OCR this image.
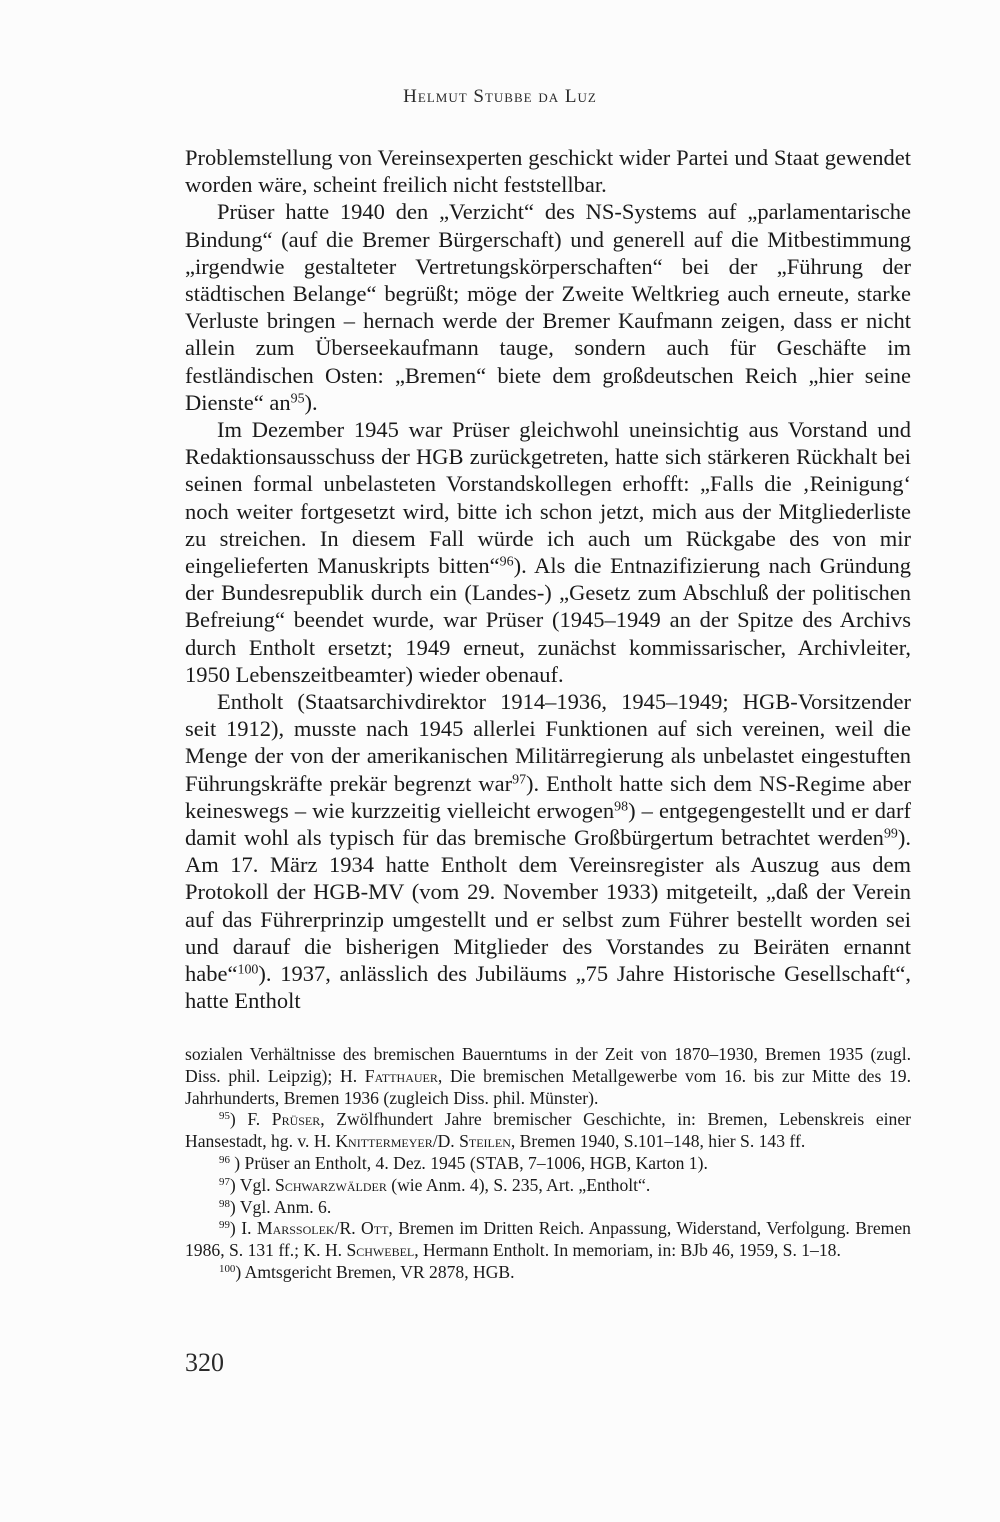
Helmut Stubbe da Luz

Problemstellung von Vereinsexperten geschickt wider Partei und Staat gewendet worden wäre, scheint freilich nicht feststellbar.

Prüser hatte 1940 den „Verzicht“ des NS-Systems auf „parlamentarische Bindung“ (auf die Bremer Bürgerschaft) und generell auf die Mitbestimmung „irgendwie gestalteter Vertretungskörperschaften“ bei der „Führung der städtischen Belange“ begrüßt; möge der Zweite Weltkrieg auch erneute, starke Verluste bringen – hernach werde der Bremer Kaufmann zeigen, dass er nicht allein zum Überseekaufmann tauge, sondern auch für Geschäfte im festländischen Osten: „Bremen“ biete dem großdeutschen Reich „hier seine Dienste“ $an^{95}$).

Im Dezember 1945 war Prüser gleichwohl uneinsichtig aus Vorstand und Redaktionsausschuss der HGB zurückgetreten, hatte sich stärkeren Rückhalt bei seinen formal unbelasteten Vorstandskollegen erhofft: „Falls die ‚Reinigung‘ noch weiter fortgesetzt wird, bitte ich schon jetzt, mich aus der Mitgliederliste zu streichen. In diesem Fall würde ich auch um Rückgabe des von mir eingelieferten Manuskripts bitten“$^{96}$). Als die Entnazifizierung nach Gründung der Bundesrepublik durch ein (Landes-) „Gesetz zum Abschluß der politischen Befreiung“ beendet wurde, war Prüser (1945–1949 an der Spitze des Archivs durch Entholt ersetzt; 1949 erneut, zunächst kommissarischer, Archivleiter, 1950 Lebenszeitbeamter) wieder obenauf.

Entholt (Staatsarchivdirektor 1914–1936, 1945–1949; HGB-Vorsitzender seit 1912), musste nach 1945 allerlei Funktionen auf sich vereinen, weil die Menge der von der amerikanischen Militärregierung als unbelastet eingestuften Führungskräfte prekär begrenzt war$^{97}$). Entholt hatte sich dem NS-Regime aber keineswegs – wie kurzzeitig vielleicht erwogen$^{98}$) – entgegengestellt und er darf damit wohl als typisch für das bremische Großbürgertum betrachtet werden$^{99}$). Am 17. März 1934 hatte Entholt dem Vereinsregister als Auszug aus dem Protokoll der HGB-MV (vom 29. November 1933) mitgeteilt, „daß der Verein auf das Führerprinzip umgestellt und er selbst zum Führer bestellt worden sei und darauf die bisherigen Mitglieder des Vorstandes zu Beiräten ernannt habe“$^{100}$). 1937, anlässlich des Jubiläums „75 Jahre Historische Gesellschaft“, hatte Entholt

sozialen Verhältnisse des bremischen Bauerntums in der Zeit von 1870–1930, Bremen 1935 (zugl. Diss. phil. Leipzig); H. Fatthauer, Die bremischen Metallgewerbe vom 16. bis zur Mitte des 19. Jahrhunderts, Bremen 1936 (zugleich Diss. phil. Münster).

$^{95}$) F. Prüser, Zwölfhundert Jahre bremischer Geschichte, in: Bremen, Lebenskreis einer Hansestadt, hg. v. H. Knittermeyer/D. Steilen, Bremen 1940, S.101–148, hier S. 143 ff.

$^{96}$ ) Prüser an Entholt, 4. Dez. 1945 (STAB, 7–1006, HGB, Karton 1).

$^{97}$) Vgl. Schwarzwälder (wie Anm. 4), S. 235, Art. „Entholt“.

$^{98}$) Vgl. Anm. 6.

$^{99}$) I. Marssolek/R. Ott, Bremen im Dritten Reich. Anpassung, Widerstand, Verfolgung. Bremen 1986, S. 131 ff.; K. H. Schwebel, Hermann Entholt. In memoriam, in: BJb 46, 1959, S. 1–18.

$^{100}$) Amtsgericht Bremen, VR 2878, HGB.

320
